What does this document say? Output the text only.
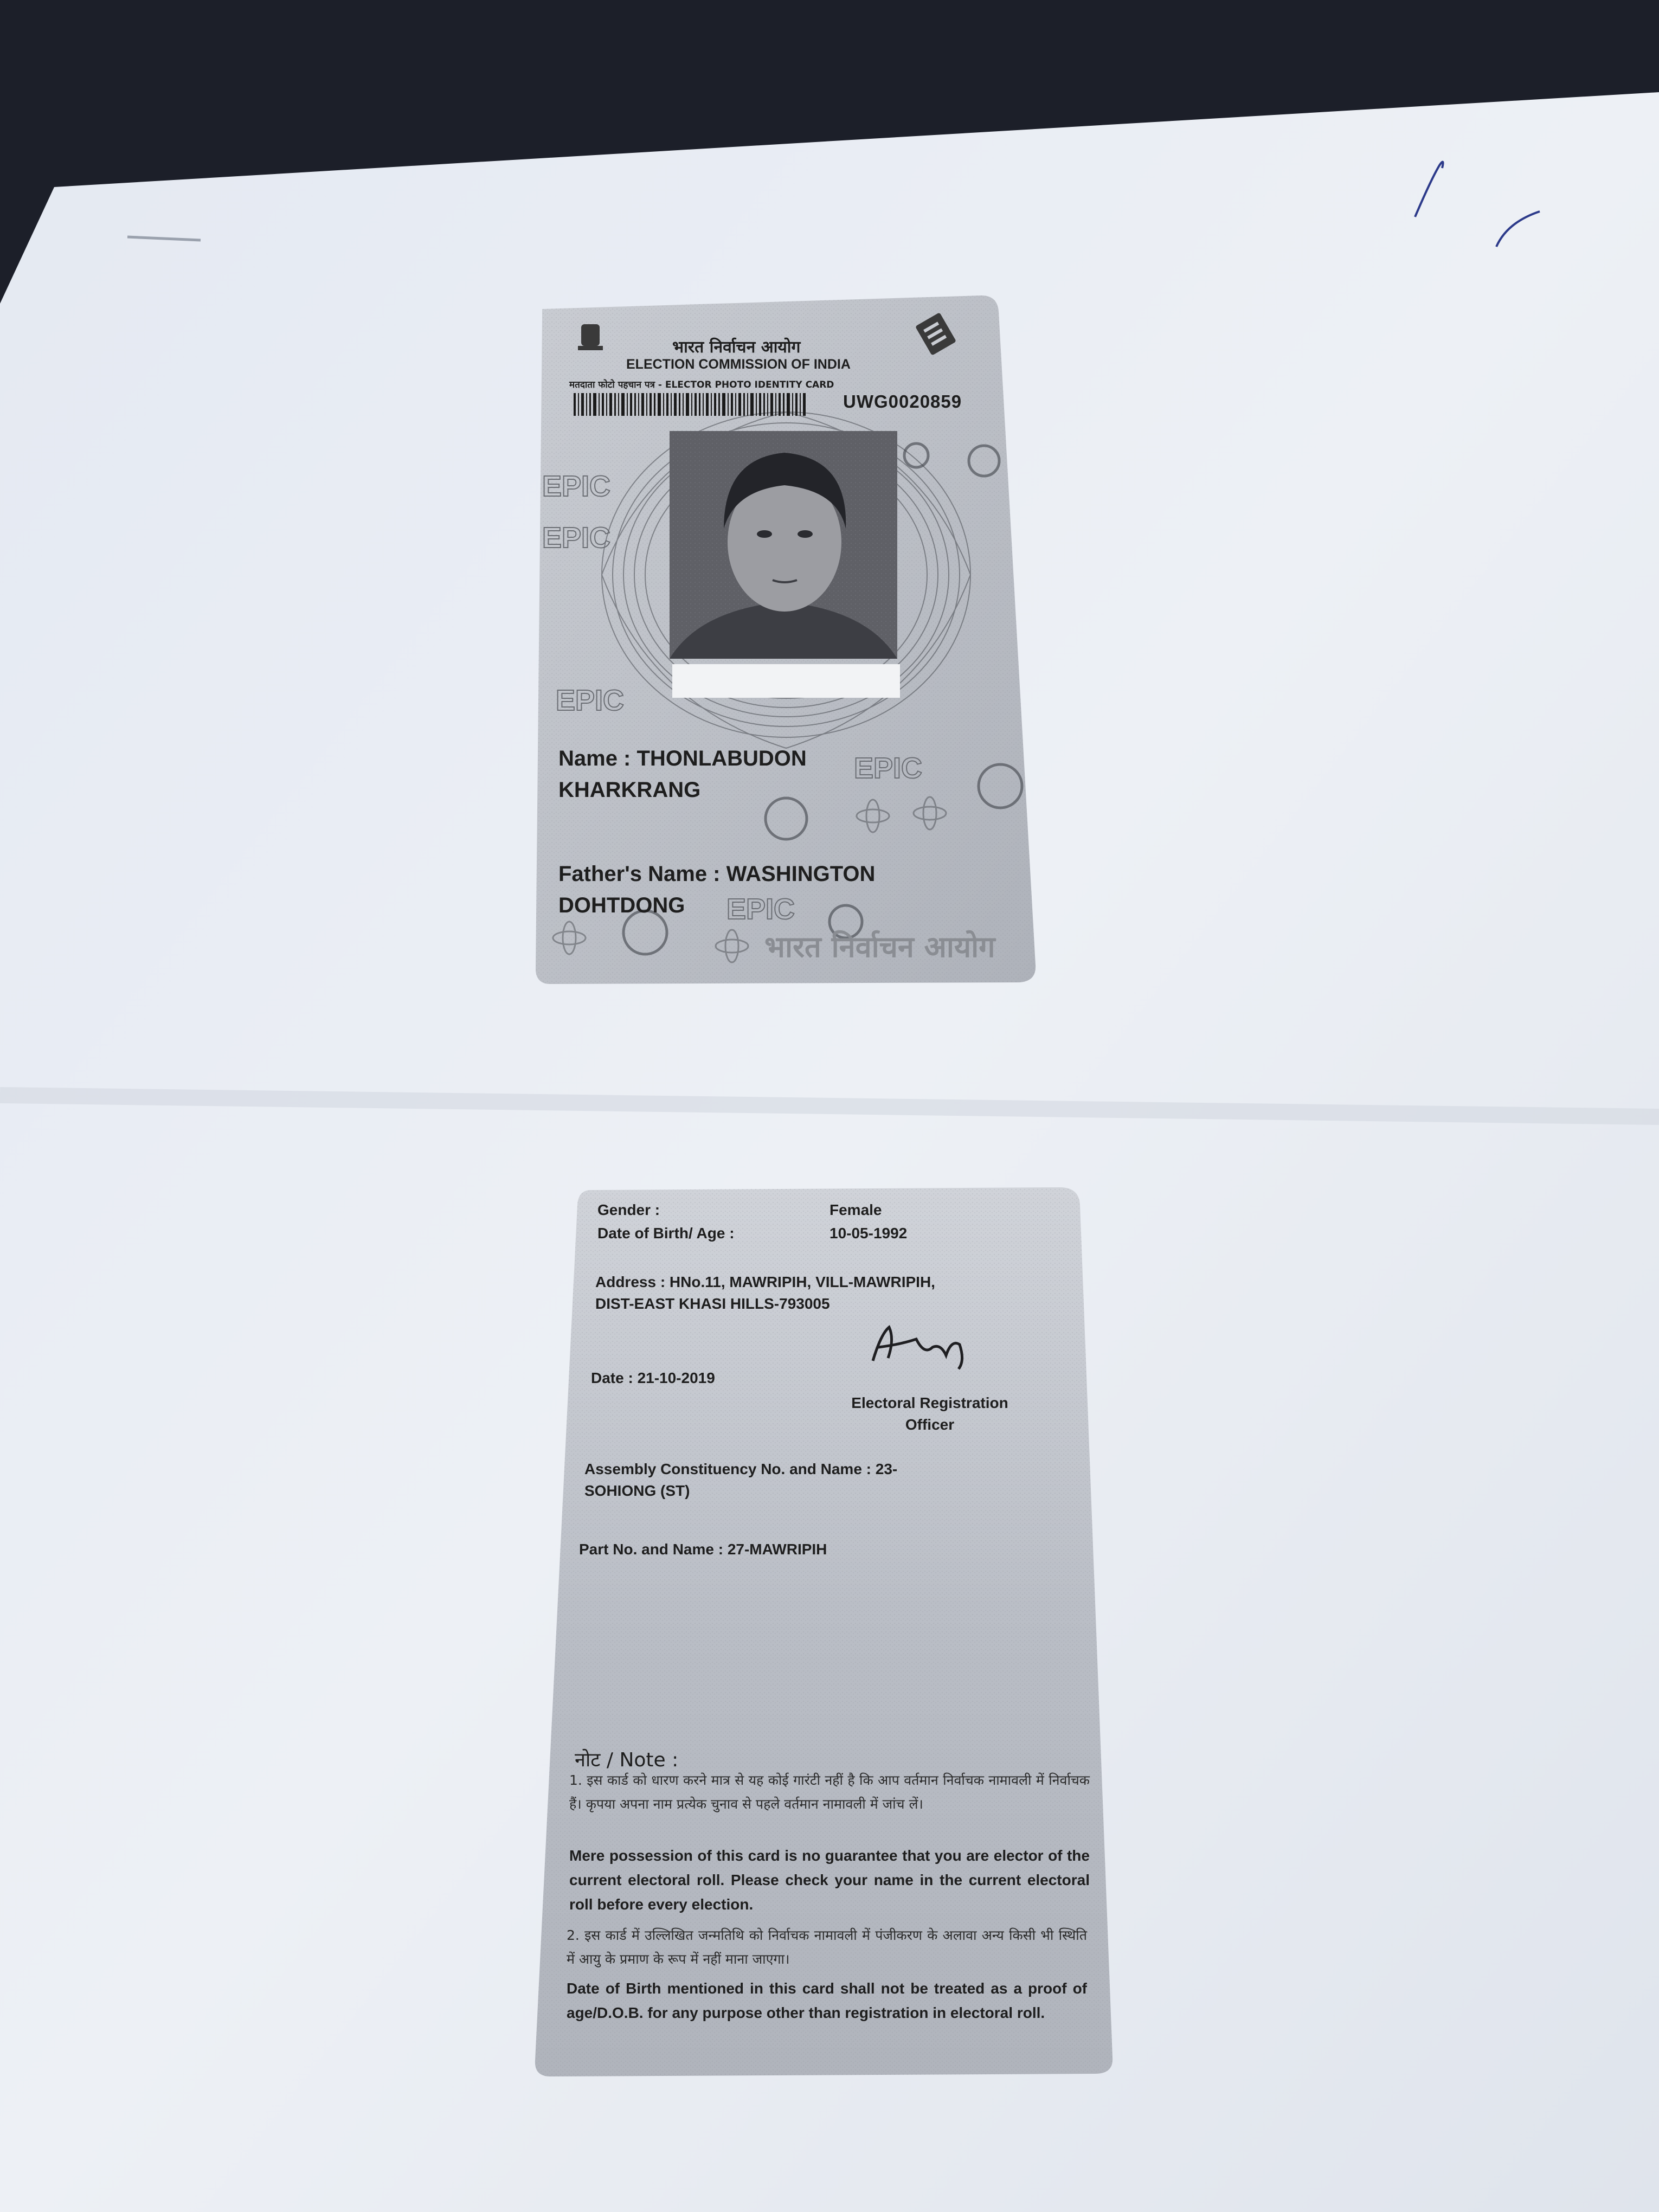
EPIC
EPIC
EPIC
EPIC
EPIC
भारत निर्वाचन आयोग
भारत निर्वाचन आयोग
ELECTION COMMISSION OF INDIA
मतदाता फोटो पहचान पत्र - ELECTOR PHOTO IDENTITY CARD
UWG0020859
Name : THONLABUDON
KHARKRANG
Father's Name : WASHINGTON
DOHTDONG
Gender :	Female
Date of Birth/ Age :	10-05-1992
Address : HNo.11, MAWRIPIH, VILL-MAWRIPIH,
DIST-EAST KHASI HILLS-793005
Date : 21-10-2019
Electoral Registration
Officer
Assembly Constituency No. and Name : 23-
SOHIONG (ST)
Part No. and Name : 27-MAWRIPIH
नोट / Note :
1. इस कार्ड को धारण करने मात्र से यह कोई गारंटी नहीं है कि आप वर्तमान निर्वाचक नामावली में निर्वाचक हैं। कृपया अपना नाम प्रत्येक चुनाव से पहले वर्तमान नामावली में जांच लें।
Mere possession of this card is no guarantee that you are elector of the current electoral roll. Please check your name in the current electoral roll before every election.
2. इस कार्ड में उल्लिखित जन्मतिथि को निर्वाचक नामावली में पंजीकरण के अलावा अन्य किसी भी स्थिति में आयु के प्रमाण के रूप में नहीं माना जाएगा।
Date of Birth mentioned in this card shall not be treated as a proof of age/D.O.B. for any purpose other than registration in electoral roll.
